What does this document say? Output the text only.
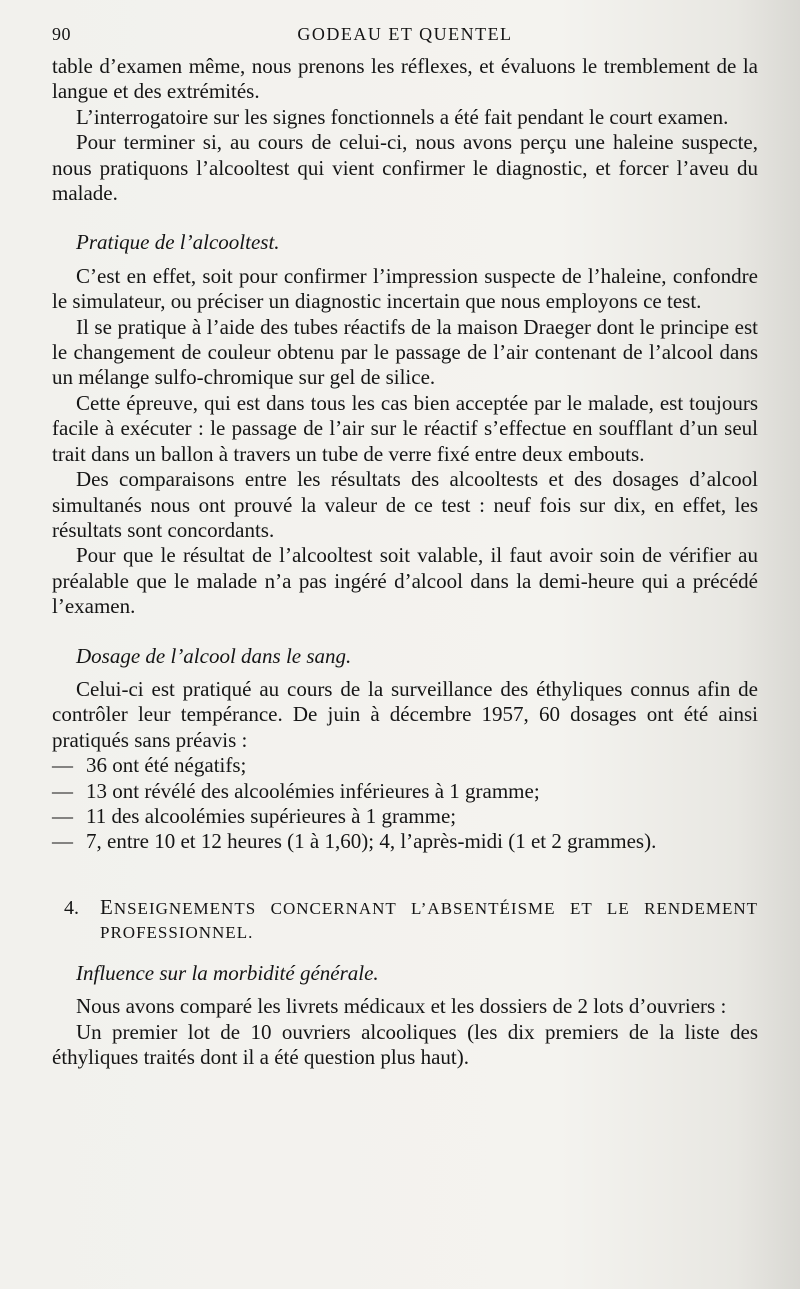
90	GODEAU ET QUENTEL

table d’examen même, nous prenons les réflexes, et évaluons le tremblement de la langue et des extrémités.

L’interrogatoire sur les signes fonctionnels a été fait pendant le court examen.

Pour terminer si, au cours de celui-ci, nous avons perçu une haleine suspecte, nous pratiquons l’alcooltest qui vient confirmer le diagnostic, et forcer l’aveu du malade.

Pratique de l’alcooltest.

C’est en effet, soit pour confirmer l’impression suspecte de l’haleine, confondre le simulateur, ou préciser un diagnostic incertain que nous employons ce test.

Il se pratique à l’aide des tubes réactifs de la maison Draeger dont le principe est le changement de couleur obtenu par le passage de l’air contenant de l’alcool dans un mélange sulfo-chromique sur gel de silice.

Cette épreuve, qui est dans tous les cas bien acceptée par le malade, est toujours facile à exécuter : le passage de l’air sur le réactif s’effectue en soufflant d’un seul trait dans un ballon à travers un tube de verre fixé entre deux embouts.

Des comparaisons entre les résultats des alcooltests et des dosages d’alcool simultanés nous ont prouvé la valeur de ce test : neuf fois sur dix, en effet, les résultats sont concordants.

Pour que le résultat de l’alcooltest soit valable, il faut avoir soin de vérifier au préalable que le malade n’a pas ingéré d’alcool dans la demi-heure qui a précédé l’examen.

Dosage de l’alcool dans le sang.

Celui-ci est pratiqué au cours de la surveillance des éthyliques connus afin de contrôler leur tempérance. De juin à décembre 1957, 60 dosages ont été ainsi pratiqués sans préavis :

— 36 ont été négatifs;
— 13 ont révélé des alcoolémies inférieures à 1 gramme;
— 11 des alcoolémies supérieures à 1 gramme;
— 7, entre 10 et 12 heures (1 à 1,60); 4, l’après-midi (1 et 2 grammes).
4. ENSEIGNEMENTS CONCERNANT L’ABSENTÉISME ET LE RENDEMENT PROFESSIONNEL.
Influence sur la morbidité générale.

Nous avons comparé les livrets médicaux et les dossiers de 2 lots d’ouvriers :

Un premier lot de 10 ouvriers alcooliques (les dix premiers de la liste des éthyliques traités dont il a été question plus haut).
